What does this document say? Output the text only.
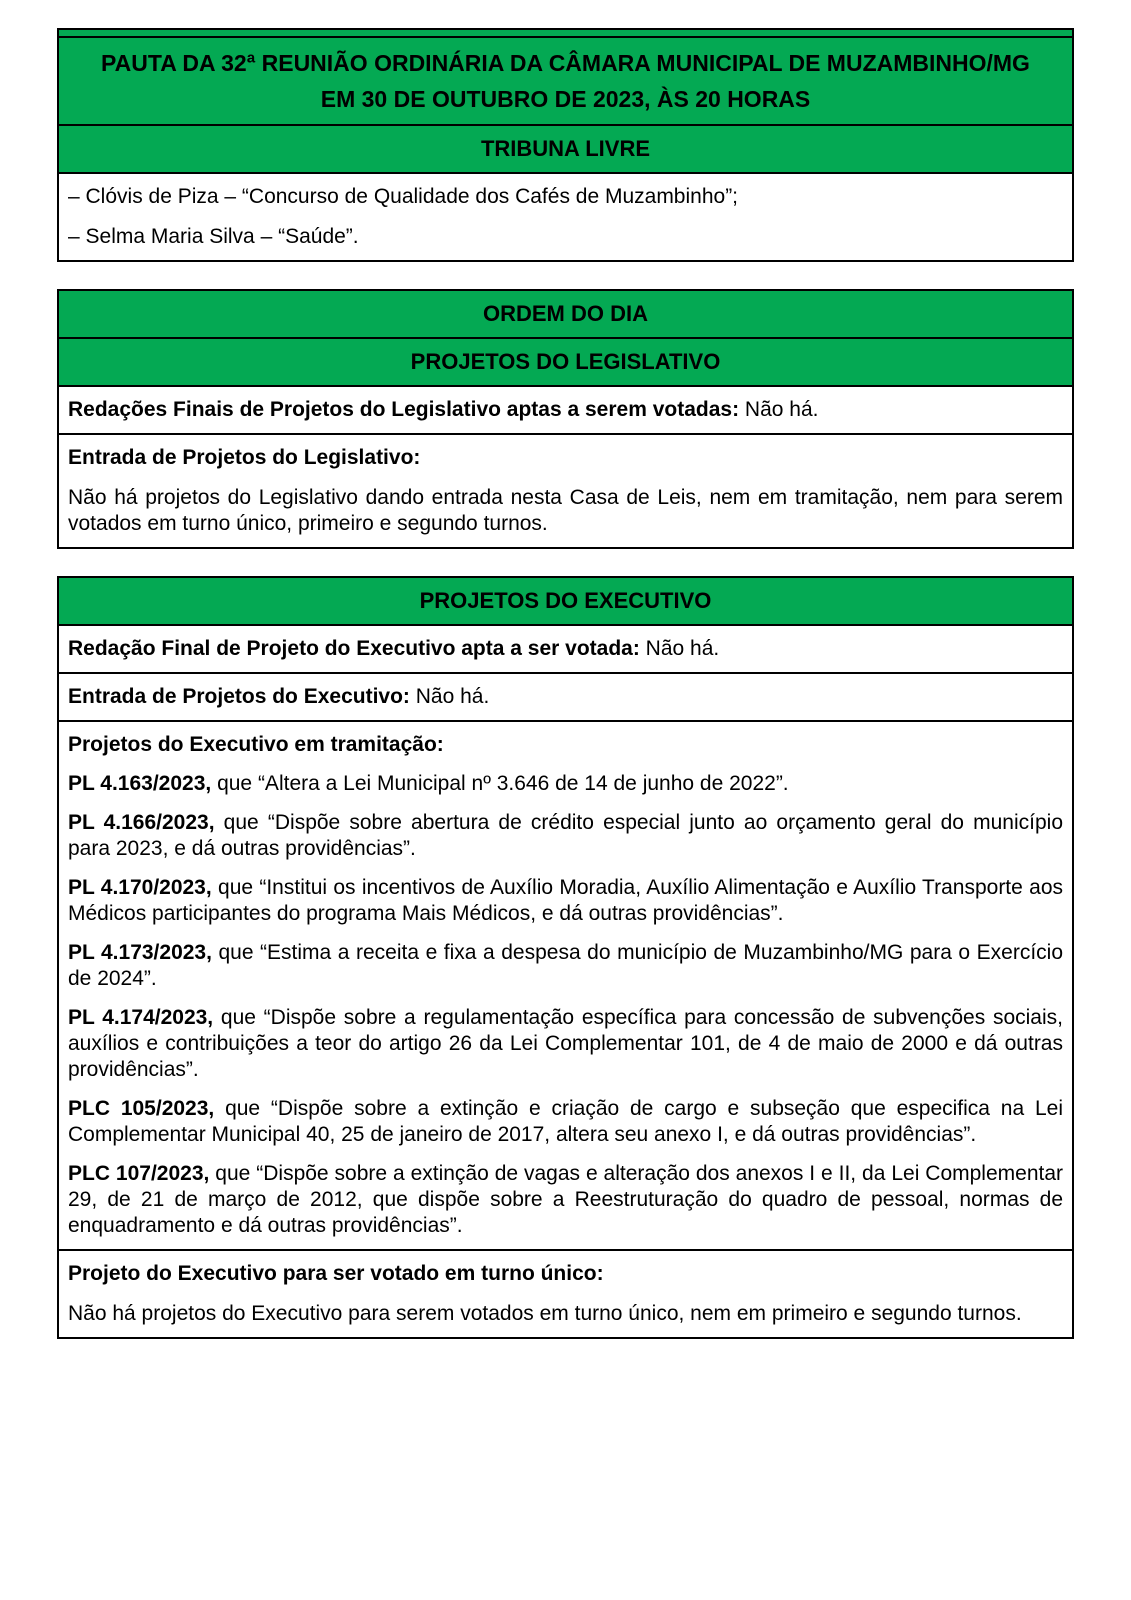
PAUTA DA 32ª REUNIÃO ORDINÁRIA DA CÂMARA MUNICIPAL DE MUZAMBINHO/MG
EM 30 DE OUTUBRO DE 2023, ÀS 20 HORAS
TRIBUNA LIVRE

– Clóvis de Piza – “Concurso de Qualidade dos Cafés de Muzambinho”;

– Selma Maria Silva – “Saúde”.

ORDEM DO DIA
PROJETOS DO LEGISLATIVO

Redações Finais de Projetos do Legislativo aptas a serem votadas: Não há.

Entrada de Projetos do Legislativo:

Não há projetos do Legislativo dando entrada nesta Casa de Leis, nem em tramitação, nem para serem votados em turno único, primeiro e segundo turnos.

PROJETOS DO EXECUTIVO

Redação Final de Projeto do Executivo apta a ser votada: Não há.

Entrada de Projetos do Executivo: Não há.

Projetos do Executivo em tramitação:

PL 4.163/2023, que “Altera a Lei Municipal nº 3.646 de 14 de junho de 2022”.

PL 4.166/2023, que “Dispõe sobre abertura de crédito especial junto ao orçamento geral do município para 2023, e dá outras providências”.

PL 4.170/2023, que “Institui os incentivos de Auxílio Moradia, Auxílio Alimentação e Auxílio Transporte aos Médicos participantes do programa Mais Médicos, e dá outras providências”.

PL 4.173/2023, que “Estima a receita e fixa a despesa do município de Muzambinho/MG para o Exercício de 2024”.

PL 4.174/2023, que “Dispõe sobre a regulamentação específica para concessão de subvenções sociais, auxílios e contribuições a teor do artigo 26 da Lei Complementar 101, de 4 de maio de 2000 e dá outras providências”.

PLC 105/2023, que “Dispõe sobre a extinção e criação de cargo e subseção que especifica na Lei Complementar Municipal 40, 25 de janeiro de 2017, altera seu anexo I, e dá outras providências”.

PLC 107/2023, que “Dispõe sobre a extinção de vagas e alteração dos anexos I e II, da Lei Complementar 29, de 21 de março de 2012, que dispõe sobre a Reestruturação do quadro de pessoal, normas de enquadramento e dá outras providências”.

Projeto do Executivo para ser votado em turno único:

Não há projetos do Executivo para serem votados em turno único, nem em primeiro e segundo turnos.
